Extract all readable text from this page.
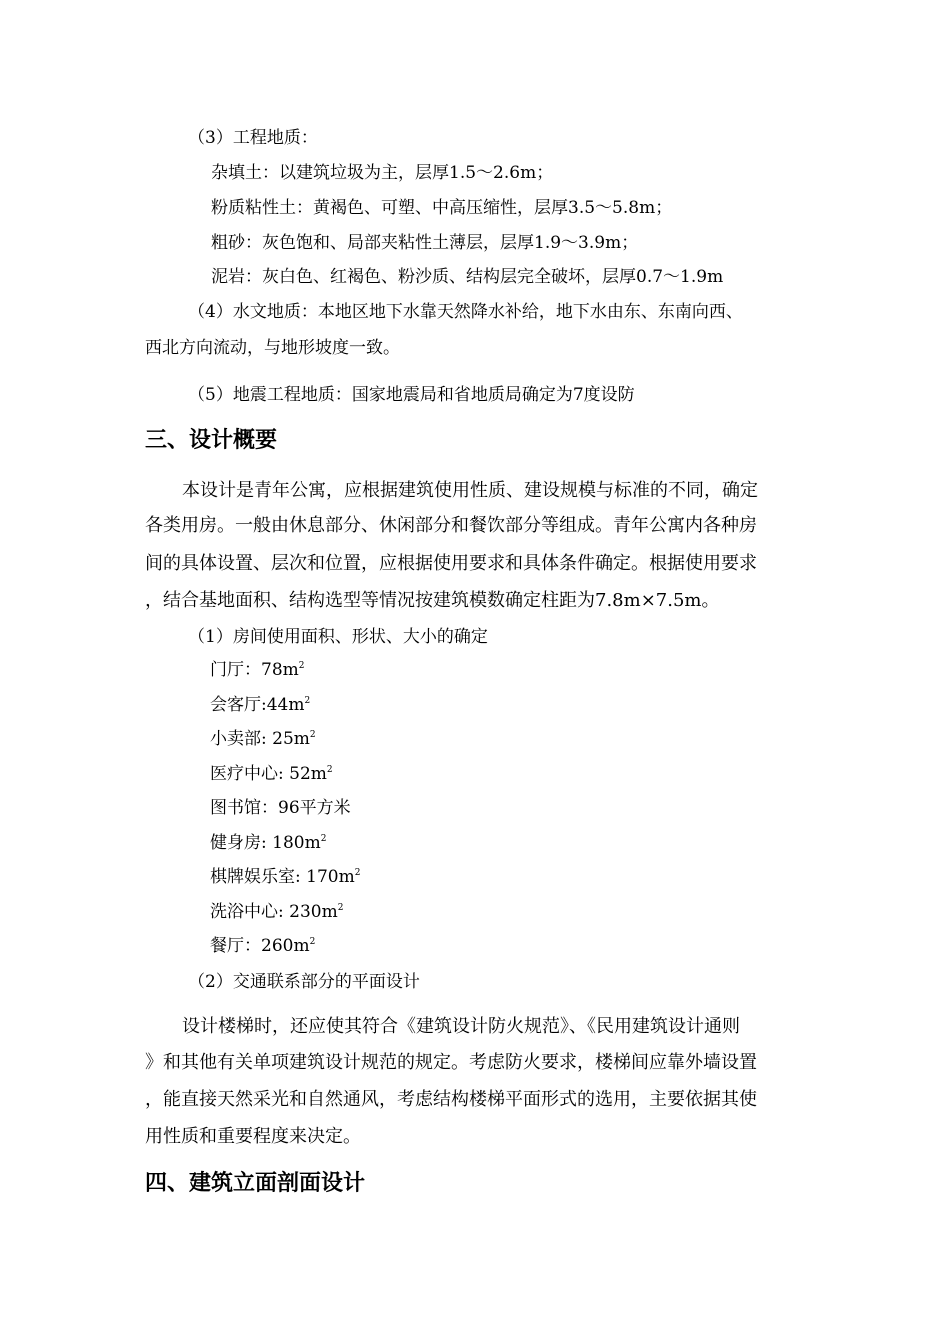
（3）工程地质：
杂填土：以建筑垃圾为主，层厚1.5～2.6m；
粉质粘性土：黄褐色、可塑、中高压缩性，层厚3.5～5.8m；
粗砂：灰色饱和、局部夹粘性土薄层，层厚1.9～3.9m；
泥岩：灰白色、红褐色、粉沙质、结构层完全破坏，层厚0.7～1.9m
（4）水文地质：本地区地下水靠天然降水补给，地下水由东、东南向西、
西北方向流动，与地形坡度一致。
（5）地震工程地质：国家地震局和省地质局确定为7度设防
三、设计概要
本设计是青年公寓，应根据建筑使用性质、建设规模与标准的不同，确定
各类用房。一般由休息部分、休闲部分和餐饮部分等组成。青年公寓内各种房
间的具体设置、层次和位置，应根据使用要求和具体条件确定。根据使用要求
，结合基地面积、结构选型等情况按建筑模数确定柱距为7.8m×7.5m。
（1）房间使用面积、形状、大小的确定
门厅：$78m^2$
会客厅$:44m^2$
小卖部: $25m^2$
医疗中心: $52m^2$
图书馆：96平方米
健身房: $180m^2$
棋牌娱乐室: $170m^2$
洗浴中心: $230m^2$
餐厅：$260m^2$
（2）交通联系部分的平面设计
设计楼梯时，还应使其符合《建筑设计防火规范》、《民用建筑设计通则
》和其他有关单项建筑设计规范的规定。考虑防火要求，楼梯间应靠外墙设置
，能直接天然采光和自然通风，考虑结构楼梯平面形式的选用，主要依据其使
用性质和重要程度来决定。
四、建筑立面剖面设计
